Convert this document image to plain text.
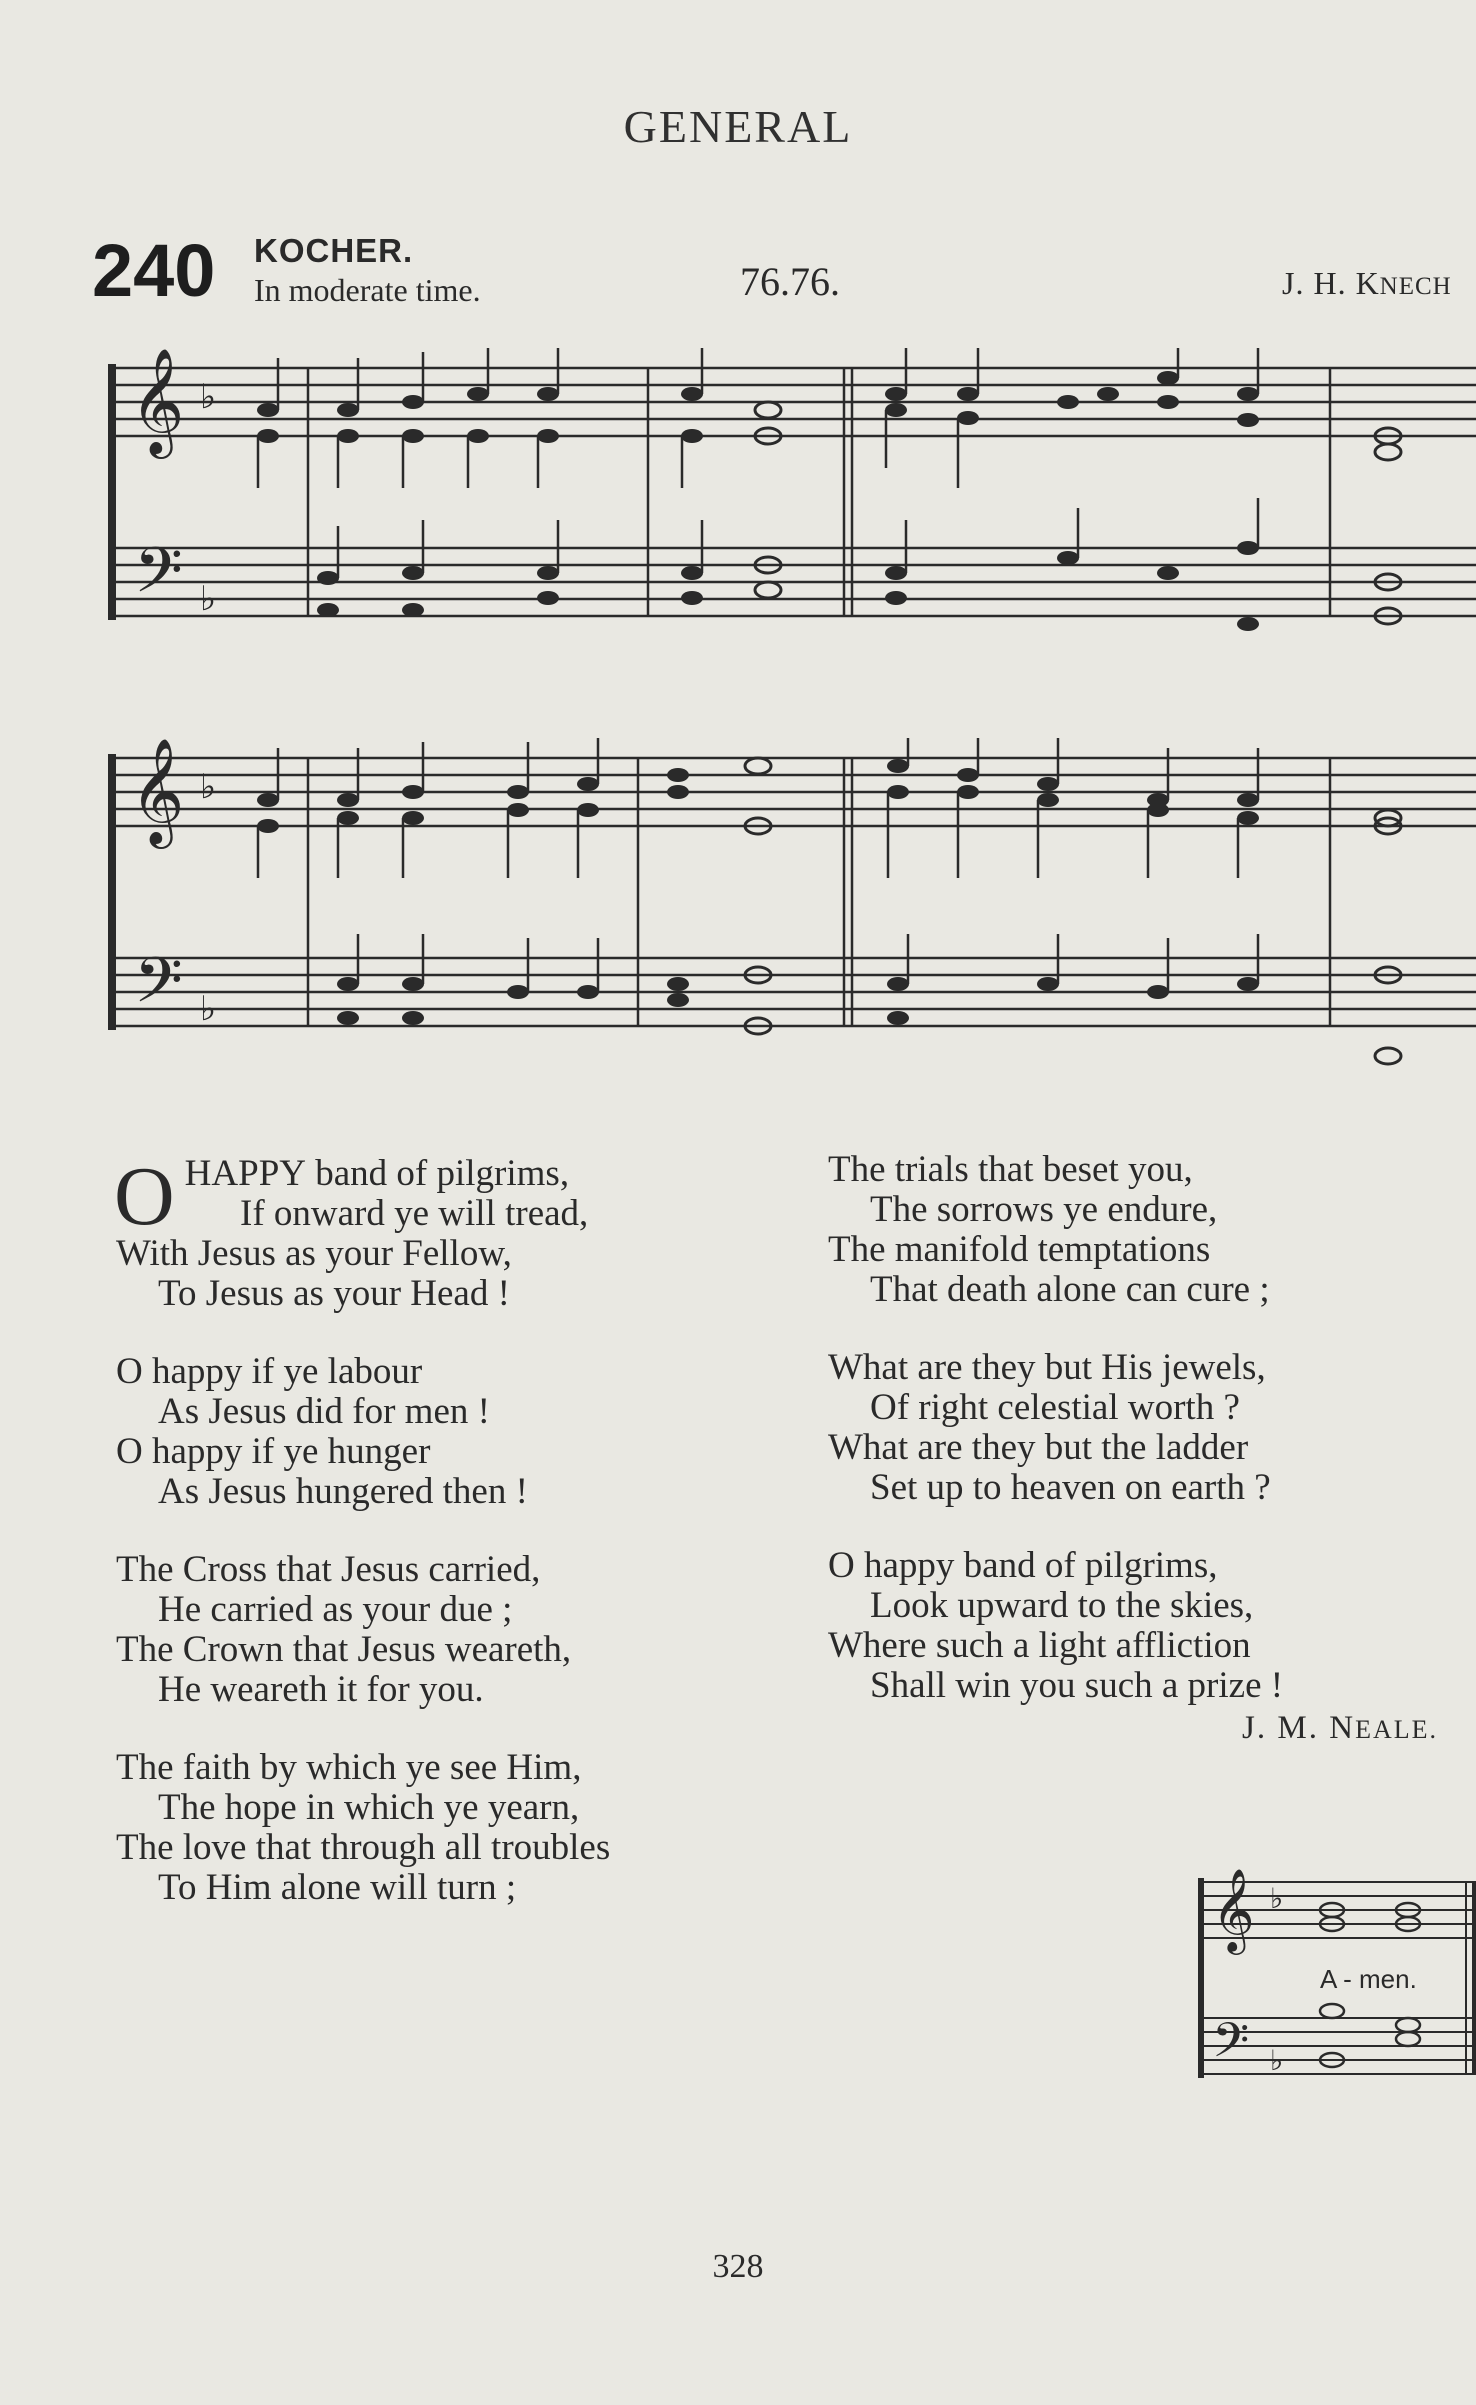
GENERAL
240 KOCHER.
In moderate time.	76.76.	J. H. KNECH
𝄞
𝄢
♭
♭
𝄞
𝄢
♭
♭
OHAPPY band of pilgrims,
If onward ye will tread,
With Jesus as your Fellow,
To Jesus as your Head !
O happy if ye labour
As Jesus did for men !
O happy if ye hunger
As Jesus hungered then !
The Cross that Jesus carried,
He carried as your due ;
The Crown that Jesus weareth,
He weareth it for you.
The faith by which ye see Him,
The hope in which ye yearn,
The love that through all troubles
To Him alone will turn ;
The trials that beset you,
The sorrows ye endure,
The manifold temptations
That death alone can cure ;
What are they but His jewels,
Of right celestial worth ?
What are they but the ladder
Set up to heaven on earth ?
O happy band of pilgrims,
Look upward to the skies,
Where such a light affliction
Shall win you such a prize !
J. M. NEALE.
𝄞
𝄢
♭
♭
A - men.
328
